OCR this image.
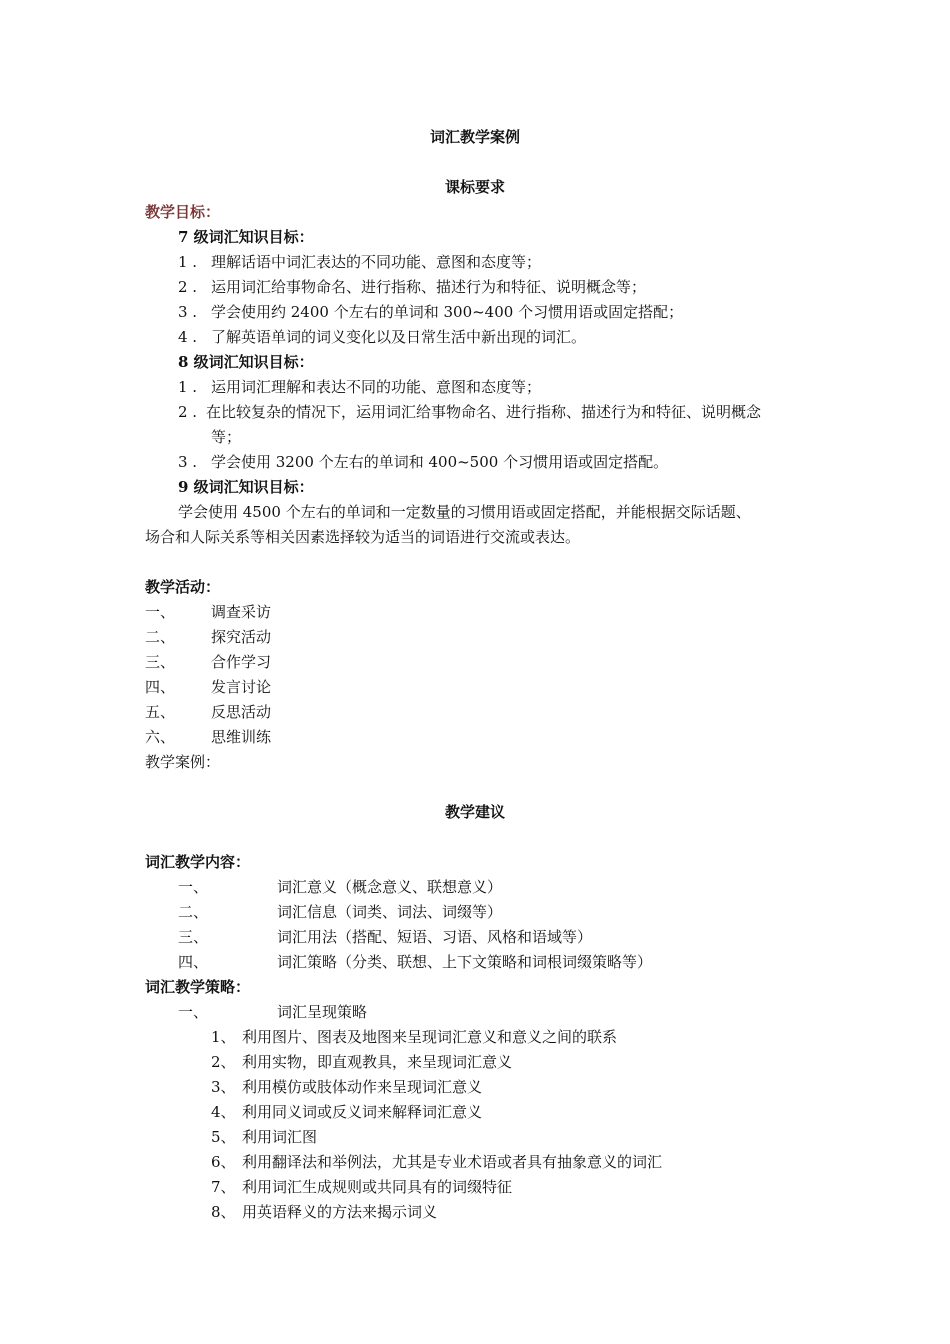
词汇教学案例
课标要求
教学目标：
7 级词汇知识目标：
1 . 理解话语中词汇表达的不同功能、意图和态度等；
2 . 运用词汇给事物命名、进行指称、描述行为和特征、说明概念等；
3 . 学会使用约 2400 个左右的单词和 300~400 个习惯用语或固定搭配；
4 . 了解英语单词的词义变化以及日常生活中新出现的词汇。
8 级词汇知识目标：
1 . 运用词汇理解和表达不同的功能、意图和态度等；
2 . 在比较复杂的情况下，运用词汇给事物命名、进行指称、描述行为和特征、说明概念
等；
3 . 学会使用 3200 个左右的单词和 400~500 个习惯用语或固定搭配。
9 级词汇知识目标：
学会使用 4500 个左右的单词和一定数量的习惯用语或固定搭配，并能根据交际话题、
场合和人际关系等相关因素选择较为适当的词语进行交流或表达。
教学活动：
一、 调查采访
二、 探究活动
三、 合作学习
四、 发言讨论
五、 反思活动
六、 思维训练
教学案例：
教学建议
词汇教学内容：
一、	词汇意义（概念意义、联想意义）
二、	词汇信息（词类、词法、词缀等）
三、	词汇用法（搭配、短语、习语、风格和语域等）
四、	词汇策略（分类、联想、上下文策略和词根词缀策略等）
词汇教学策略：
一、	词汇呈现策略
1、 利用图片、图表及地图来呈现词汇意义和意义之间的联系
2、 利用实物，即直观教具，来呈现词汇意义
3、 利用模仿或肢体动作来呈现词汇意义
4、 利用同义词或反义词来解释词汇意义
5、 利用词汇图
6、 利用翻译法和举例法，尤其是专业术语或者具有抽象意义的词汇
7、 利用词汇生成规则或共同具有的词缀特征
8、 用英语释义的方法来揭示词义
